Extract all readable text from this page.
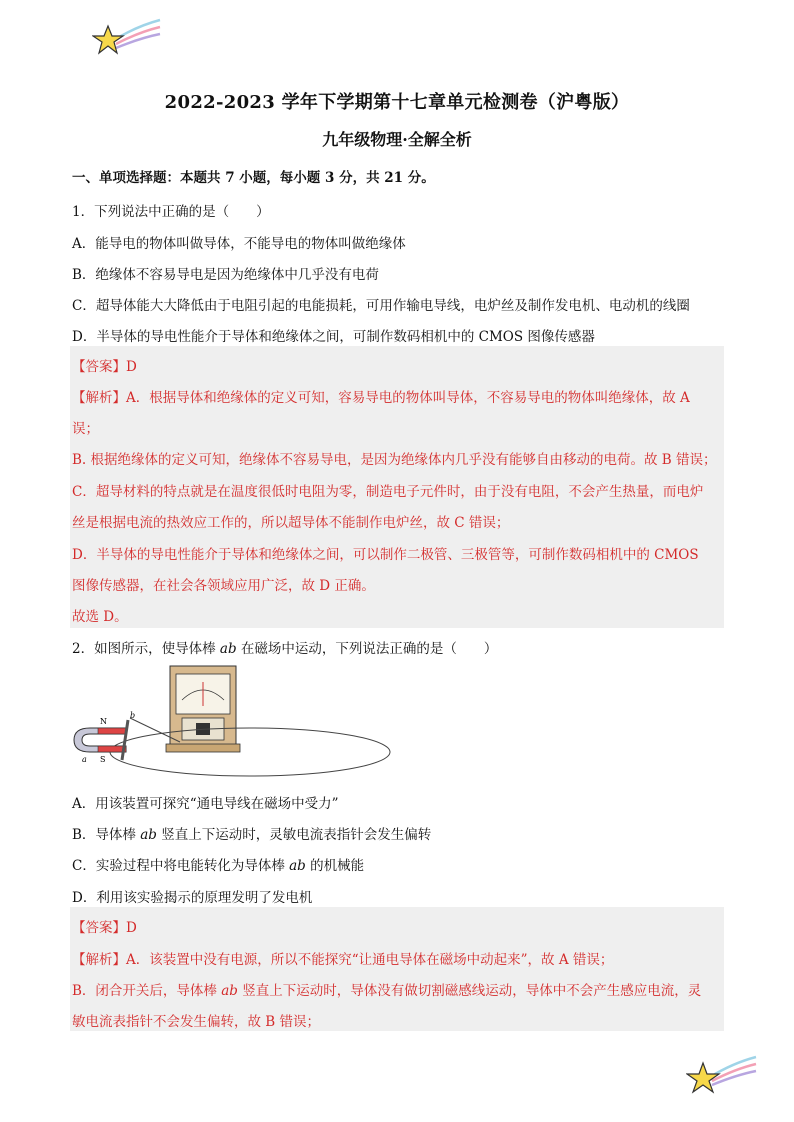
2022-2023 学年下学期第十七章单元检测卷（沪粤版）
九年级物理·全解全析
一、单项选择题：本题共 7 小题，每小题 3 分，共 21 分。
1．下列说法中正确的是（　　）
A．能导电的物体叫做导体，不能导电的物体叫做绝缘体
B．绝缘体不容易导电是因为绝缘体中几乎没有电荷
C．超导体能大大降低由于电阻引起的电能损耗，可用作输电导线，电炉丝及制作发电机、电动机的线圈
D．半导体的导电性能介于导体和绝缘体之间，可制作数码相机中的 CMOS 图像传感器
【答案】D
【解析】A．根据导体和绝缘体的定义可知，容易导电的物体叫导体，不容易导电的物体叫绝缘体，故 A
误；
B. 根据绝缘体的定义可知，绝缘体不容易导电，是因为绝缘体内几乎没有能够自由移动的电荷。故 B 错误；
C．超导材料的特点就是在温度很低时电阻为零，制造电子元件时，由于没有电阻，不会产生热量，而电炉
丝是根据电流的热效应工作的，所以超导体不能制作电炉丝，故 C 错误；
D．半导体的导电性能介于导体和绝缘体之间，可以制作二极管、三极管等，可制作数码相机中的 CMOS
图像传感器，在社会各领域应用广泛，故 D 正确。
故选 D。
2．如图所示，使导体棒 ab 在磁场中运动，下列说法正确的是（　　）
N
S
b
a
A．用该装置可探究“通电导线在磁场中受力”
B．导体棒 ab 竖直上下运动时，灵敏电流表指针会发生偏转
C．实验过程中将电能转化为导体棒 ab 的机械能
D．利用该实验揭示的原理发明了发电机
【答案】D
【解析】A．该装置中没有电源，所以不能探究“让通电导体在磁场中动起来”，故 A 错误；
B．闭合开关后，导体棒 ab 竖直上下运动时，导体没有做切割磁感线运动，导体中不会产生感应电流，灵
敏电流表指针不会发生偏转，故 B 错误；
